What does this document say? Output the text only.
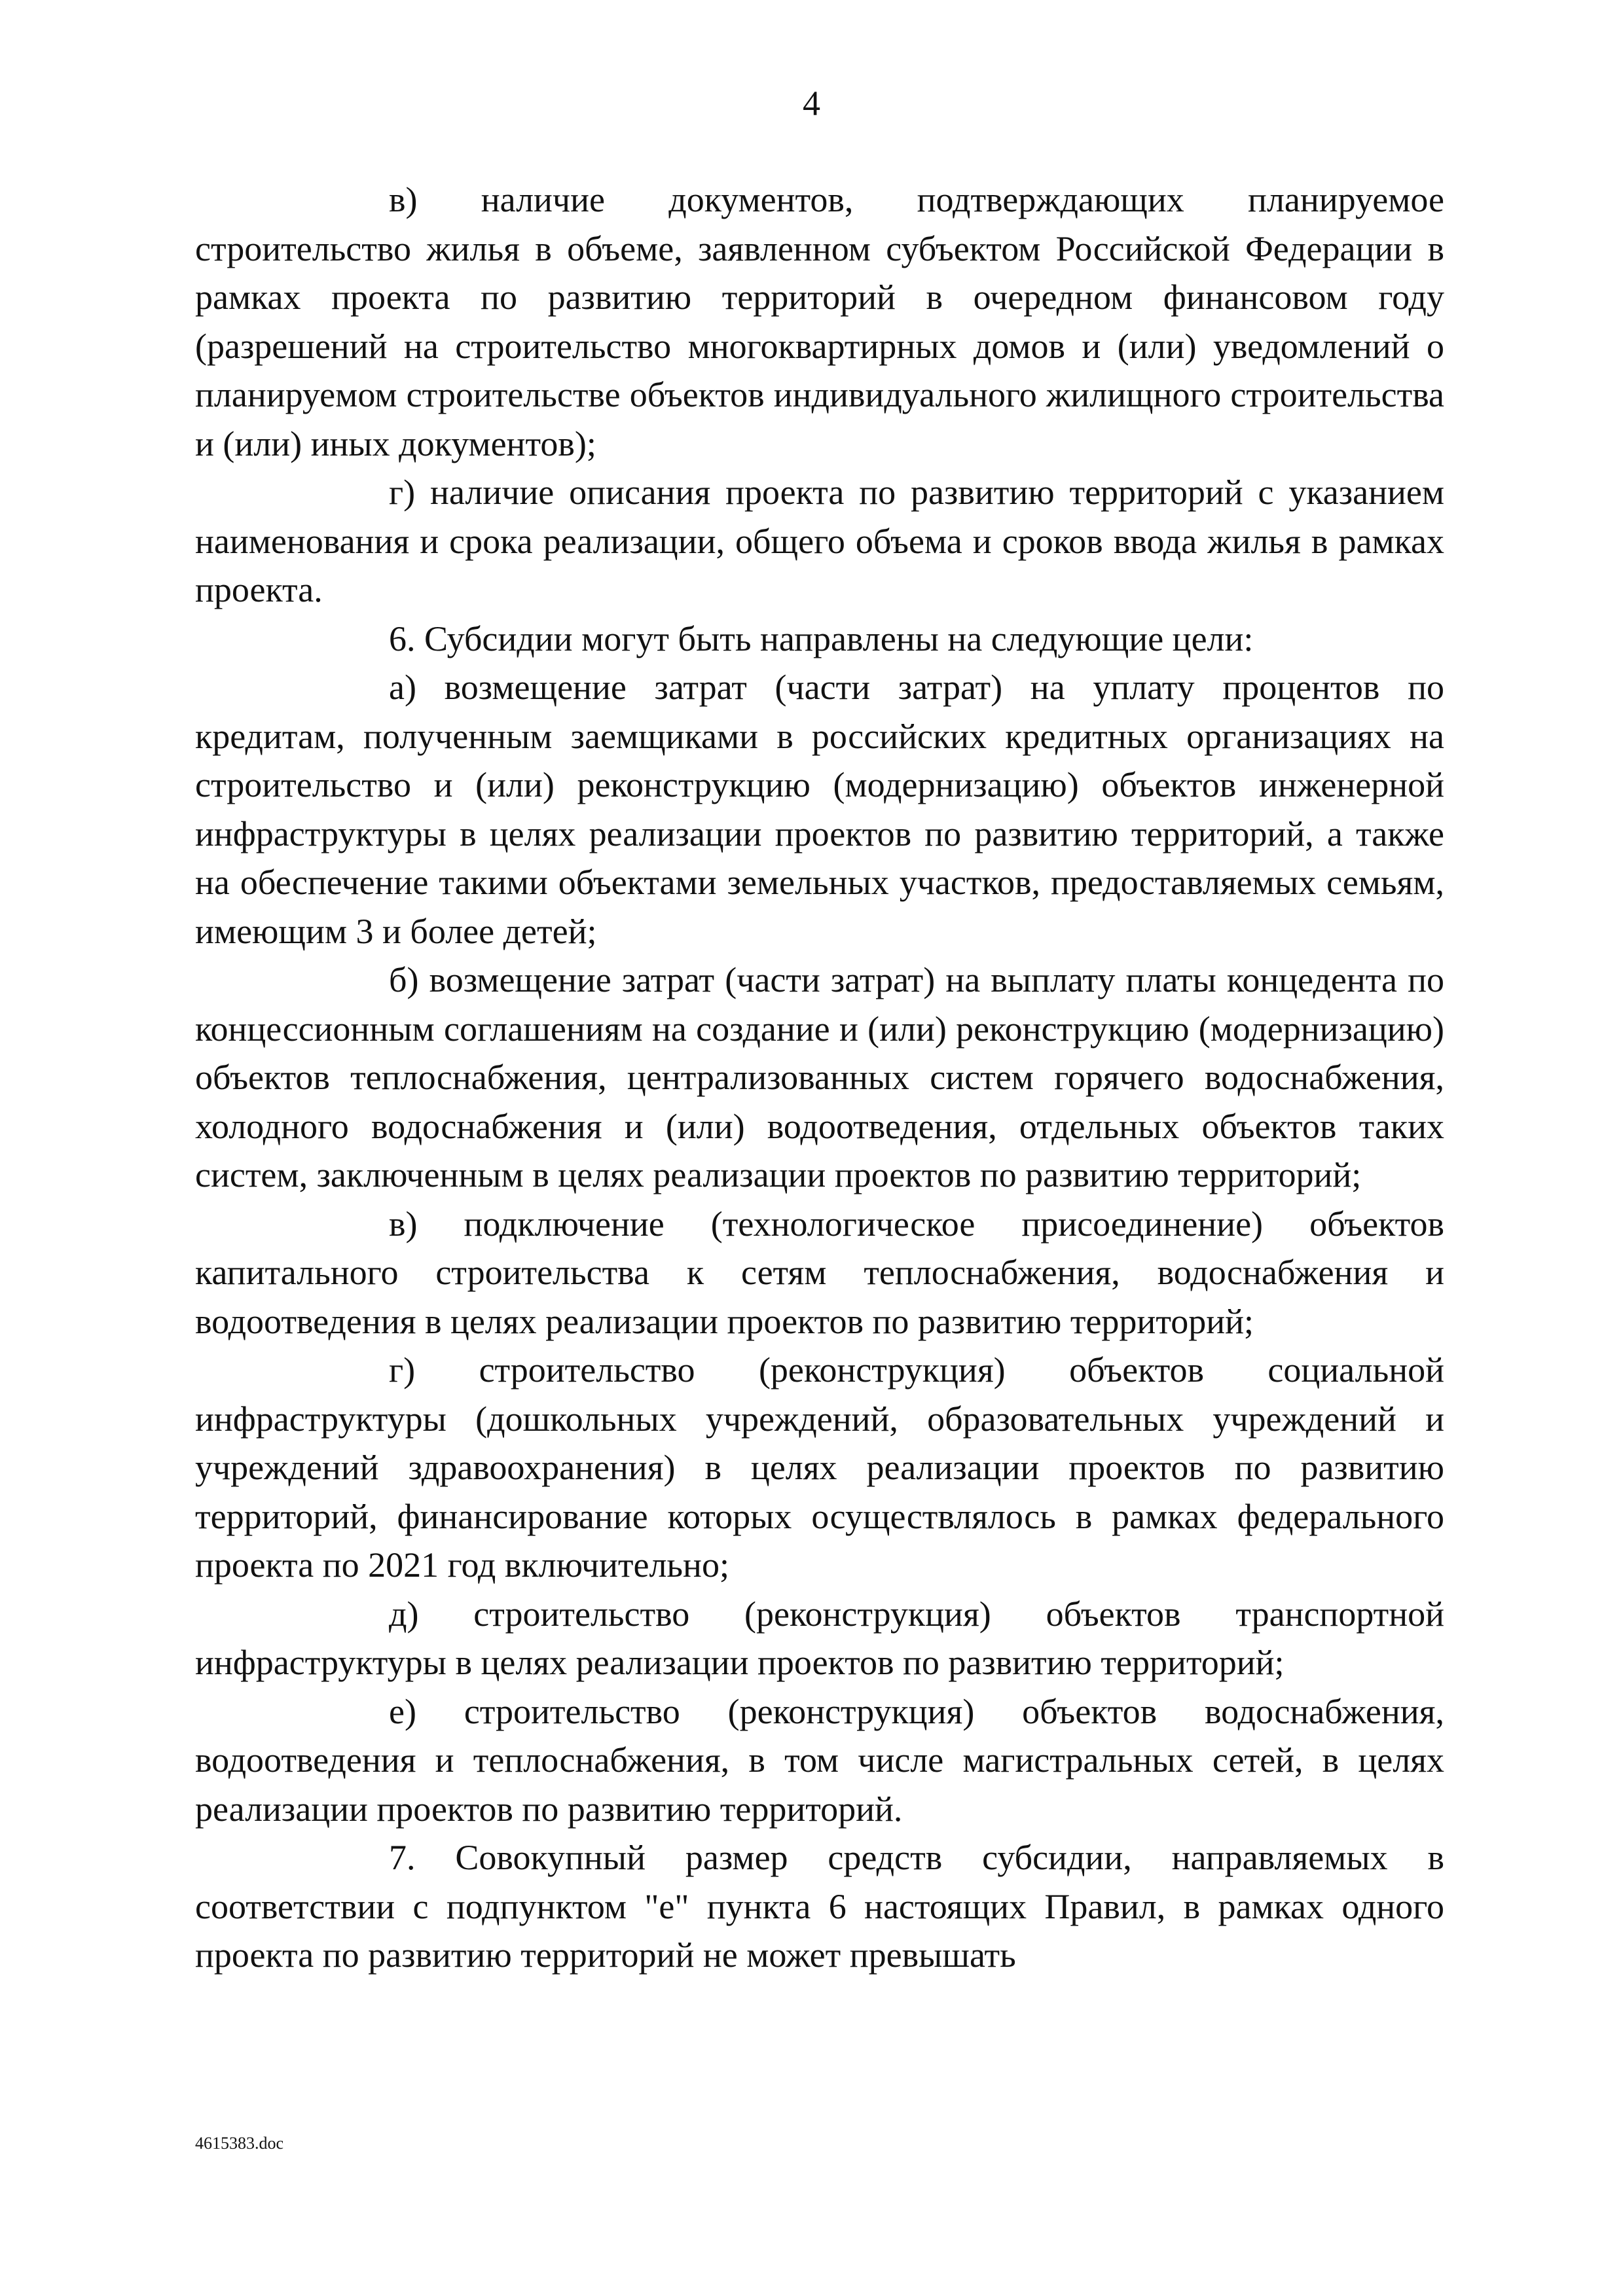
4

в) наличие документов, подтверждающих планируемое строительство жилья в объеме, заявленном субъектом Российской Федерации в рамках проекта по развитию территорий в очередном финансовом году (разрешений на строительство многоквартирных домов и (или) уведомлений о планируемом строительстве объектов индивидуального жилищного строительства и (или) иных документов);

г) наличие описания проекта по развитию территорий с указанием наименования и срока реализации, общего объема и сроков ввода жилья в рамках проекта.

6. Субсидии могут быть направлены на следующие цели:

а) возмещение затрат (части затрат) на уплату процентов по кредитам, полученным заемщиками в российских кредитных организациях на строительство и (или) реконструкцию (модернизацию) объектов инженерной инфраструктуры в целях реализации проектов по развитию территорий, а также на обеспечение такими объектами земельных участков, предоставляемых семьям, имеющим 3 и более детей;

б) возмещение затрат (части затрат) на выплату платы концедента по концессионным соглашениям на создание и (или) реконструкцию (модернизацию) объектов теплоснабжения, централизованных систем горячего водоснабжения, холодного водоснабжения и (или) водоотведения, отдельных объектов таких систем, заключенным в целях реализации проектов по развитию территорий;

в) подключение (технологическое присоединение) объектов капитального строительства к сетям теплоснабжения, водоснабжения и водоотведения в целях реализации проектов по развитию территорий;

г) строительство (реконструкция) объектов социальной инфраструктуры (дошкольных учреждений, образовательных учреждений и учреждений здравоохранения) в целях реализации проектов по развитию территорий, финансирование которых осуществлялось в рамках федерального проекта по 2021 год включительно;

д) строительство (реконструкция) объектов транспортной инфраструктуры в целях реализации проектов по развитию территорий;

е) строительство (реконструкция) объектов водоснабжения, водоотведения и теплоснабжения, в том числе магистральных сетей, в целях реализации проектов по развитию территорий.

7. Совокупный размер средств субсидии, направляемых в соответствии с подпунктом "е" пункта 6 настоящих Правил, в рамках одного проекта по развитию территорий не может превышать

4615383.doc
